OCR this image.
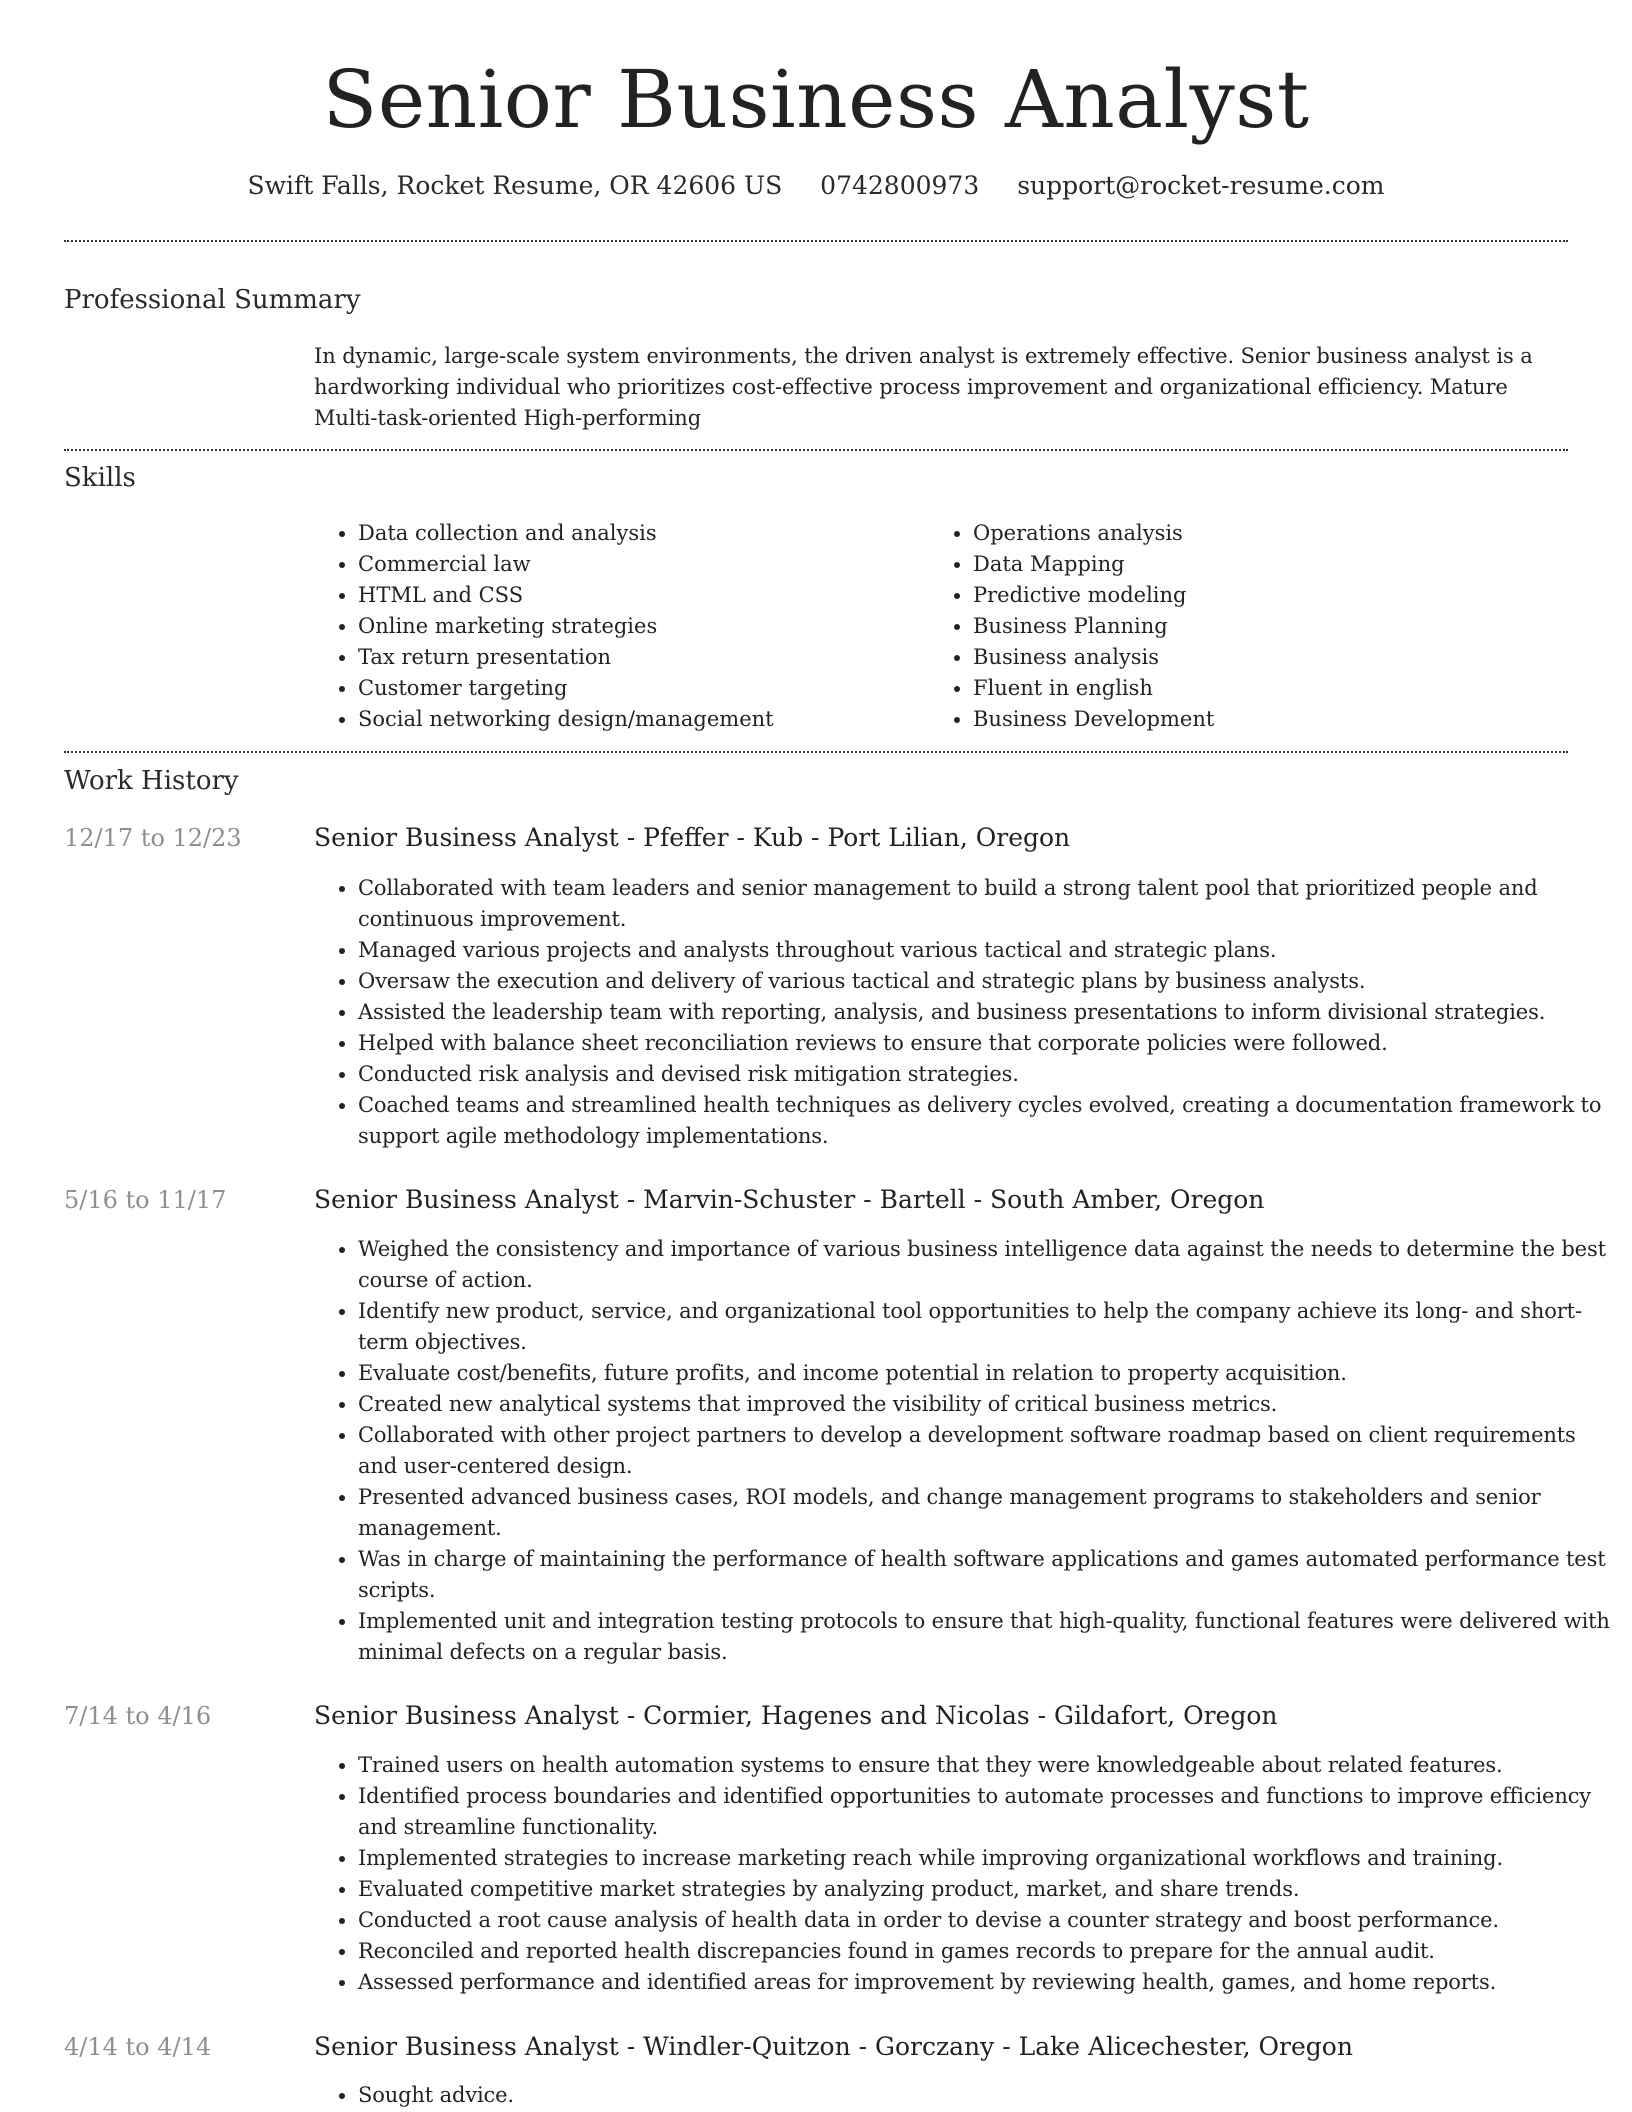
Senior Business Analyst
Swift Falls, Rocket Resume, OR 42606 US 0742800973 support@rocket-resume.com
Professional Summary

In dynamic, large-scale system environments, the driven analyst is extremely effective. Senior business analyst is a hardworking individual who prioritizes cost-effective process improvement and organizational efficiency. Mature Multi-task-oriented High-performing

Skills
• Data collection and analysis
• Commercial law
• HTML and CSS
• Online marketing strategies
• Tax return presentation
• Customer targeting
• Social networking design/management
• Operations analysis
• Data Mapping
• Predictive modeling
• Business Planning
• Business analysis
• Fluent in english
• Business Development
Work History
12/17 to 12/23	Senior Business Analyst - Pfeffer - Kub - Port Lilian, Oregon
• Collaborated with team leaders and senior management to build a strong talent pool that prioritized people and continuous improvement.
• Managed various projects and analysts throughout various tactical and strategic plans.
• Oversaw the execution and delivery of various tactical and strategic plans by business analysts.
• Assisted the leadership team with reporting, analysis, and business presentations to inform divisional strategies.
• Helped with balance sheet reconciliation reviews to ensure that corporate policies were followed.
• Conducted risk analysis and devised risk mitigation strategies.
• Coached teams and streamlined health techniques as delivery cycles evolved, creating a documentation framework to support agile methodology implementations.
5/16 to 11/17	Senior Business Analyst - Marvin-Schuster - Bartell - South Amber, Oregon
• Weighed the consistency and importance of various business intelligence data against the needs to determine the best course of action.
• Identify new product, service, and organizational tool opportunities to help the company achieve its long- and short-term objectives.
• Evaluate cost/benefits, future profits, and income potential in relation to property acquisition.
• Created new analytical systems that improved the visibility of critical business metrics.
• Collaborated with other project partners to develop a development software roadmap based on client requirements and user-centered design.
• Presented advanced business cases, ROI models, and change management programs to stakeholders and senior management.
• Was in charge of maintaining the performance of health software applications and games automated performance test scripts.
• Implemented unit and integration testing protocols to ensure that high-quality, functional features were delivered with minimal defects on a regular basis.
7/14 to 4/16	Senior Business Analyst - Cormier, Hagenes and Nicolas - Gildafort, Oregon
• Trained users on health automation systems to ensure that they were knowledgeable about related features.
• Identified process boundaries and identified opportunities to automate processes and functions to improve efficiency and streamline functionality.
• Implemented strategies to increase marketing reach while improving organizational workflows and training.
• Evaluated competitive market strategies by analyzing product, market, and share trends.
• Conducted a root cause analysis of health data in order to devise a counter strategy and boost performance.
• Reconciled and reported health discrepancies found in games records to prepare for the annual audit.
• Assessed performance and identified areas for improvement by reviewing health, games, and home reports.
4/14 to 4/14	Senior Business Analyst - Windler-Quitzon - Gorczany - Lake Alicechester, Oregon
• Sought advice.
